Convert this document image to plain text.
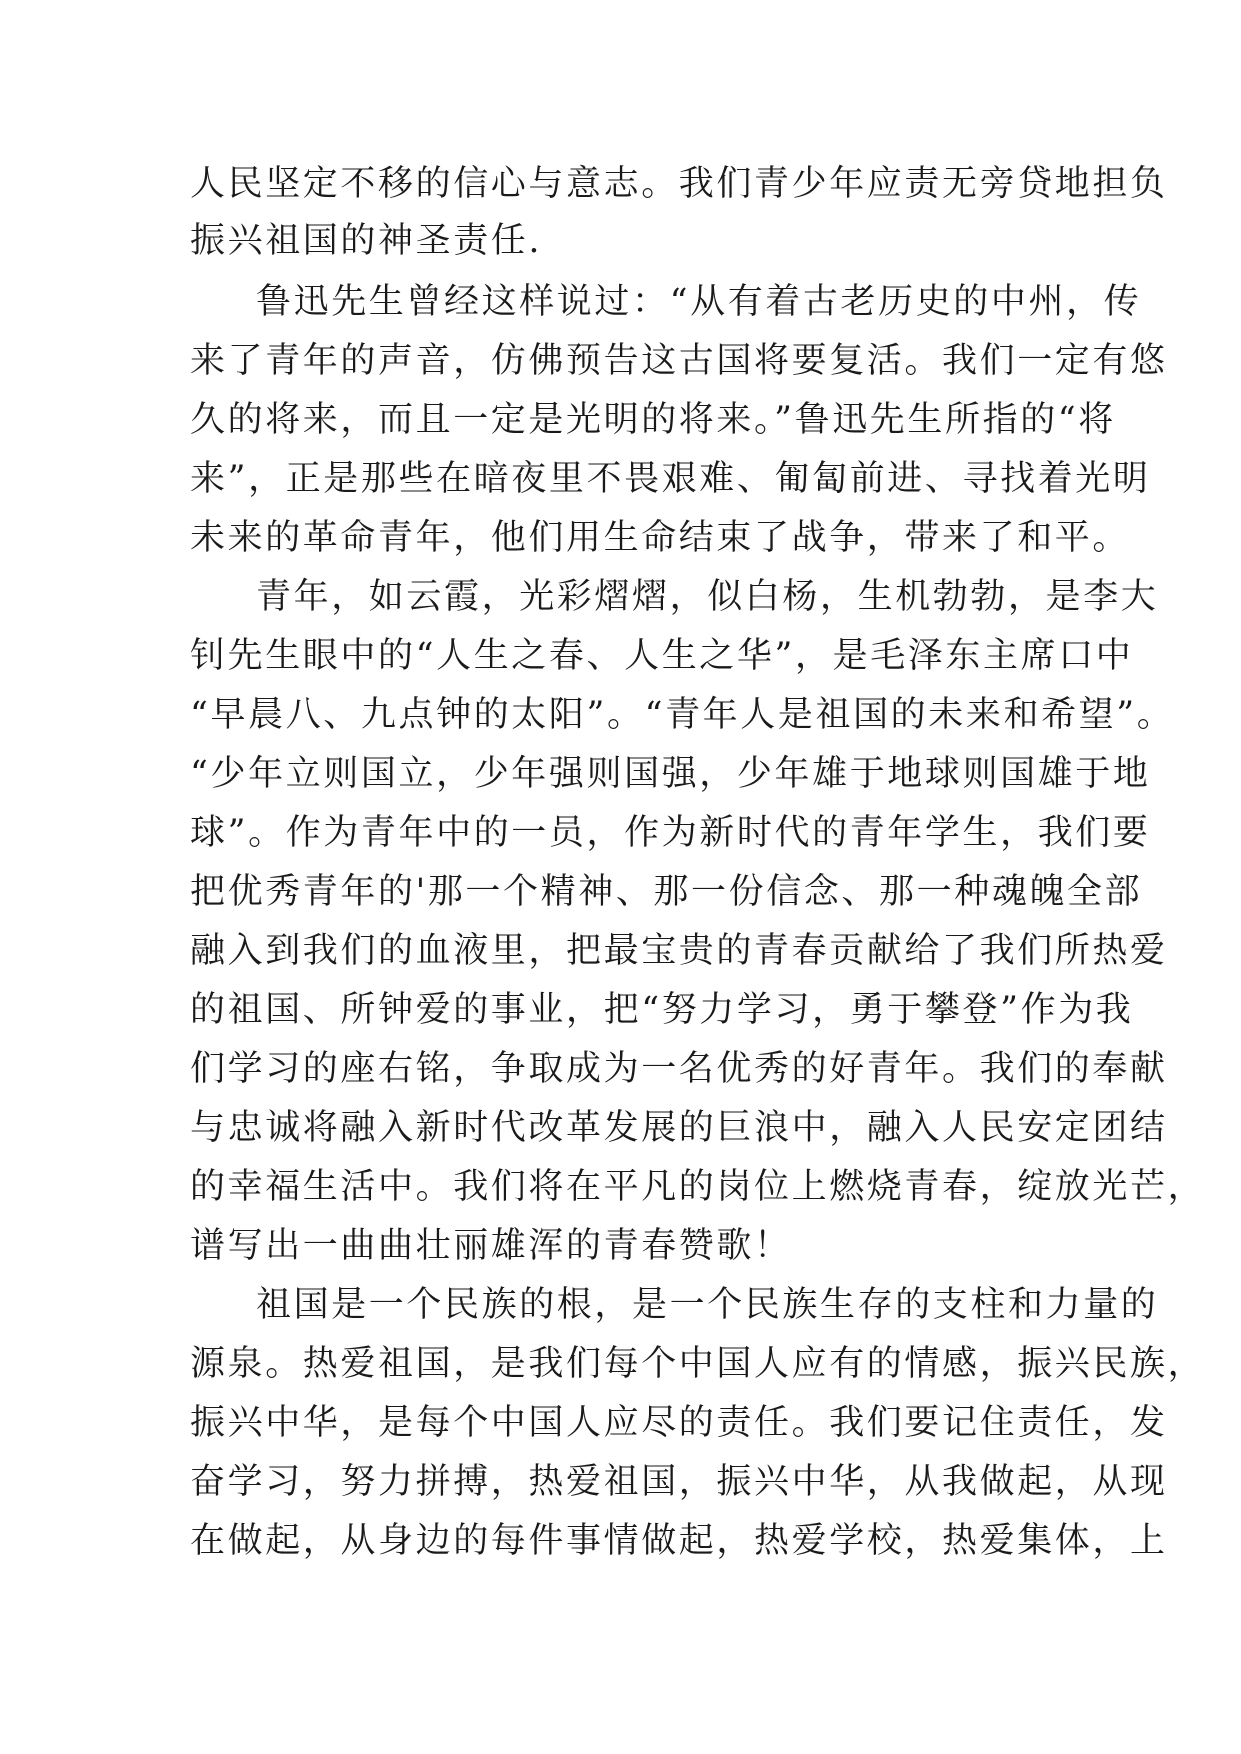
人民坚定不移的信心与意志。我们青少年应责无旁贷地担负
振兴祖国的神圣责任.
鲁迅先生曾经这样说过：“从有着古老历史的中州，传
来了青年的声音，仿佛预告这古国将要复活。我们一定有悠
久的将来，而且一定是光明的将来。”鲁迅先生所指的“将
来”，正是那些在暗夜里不畏艰难、匍匐前进、寻找着光明
未来的革命青年，他们用生命结束了战争，带来了和平。
青年，如云霞，光彩熠熠，似白杨，生机勃勃，是李大
钊先生眼中的“人生之春、人生之华”，是毛泽东主席口中
“早晨八、九点钟的太阳”。“青年人是祖国的未来和希望”。
“少年立则国立，少年强则国强，少年雄于地球则国雄于地
球”。作为青年中的一员，作为新时代的青年学生，我们要
把优秀青年的'那一个精神、那一份信念、那一种魂魄全部
融入到我们的血液里，把最宝贵的青春贡献给了我们所热爱
的祖国、所钟爱的事业，把“努力学习，勇于攀登”作为我
们学习的座右铭，争取成为一名优秀的好青年。我们的奉献
与忠诚将融入新时代改革发展的巨浪中，融入人民安定团结
的幸福生活中。我们将在平凡的岗位上燃烧青春，绽放光芒，
谱写出一曲曲壮丽雄浑的青春赞歌！
祖国是一个民族的根，是一个民族生存的支柱和力量的
源泉。热爱祖国，是我们每个中国人应有的情感，振兴民族，
振兴中华，是每个中国人应尽的责任。我们要记住责任，发
奋学习，努力拼搏，热爱祖国，振兴中华，从我做起，从现
在做起，从身边的每件事情做起，热爱学校，热爱集体，上
